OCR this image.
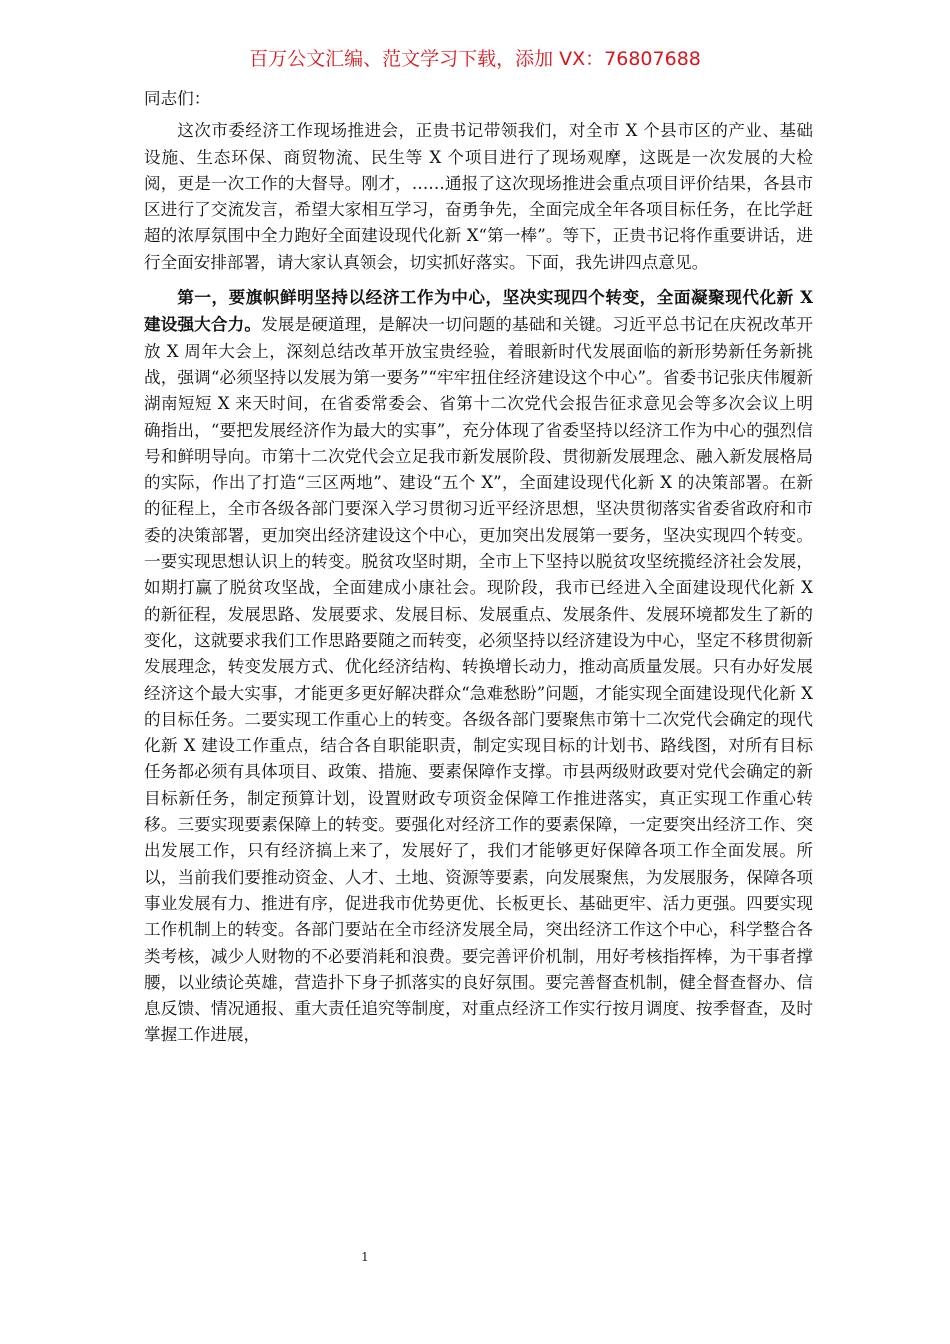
百万公文汇编、范文学习下载，添加 VX：76807688

同志们：

这次市委经济工作现场推进会，正贵书记带领我们，对全市 X 个县市区的产业、基础设施、生态环保、商贸物流、民生等 X 个项目进行了现场观摩，这既是一次发展的大检阅，更是一次工作的大督导。刚才，……通报了这次现场推进会重点项目评价结果，各县市区进行了交流发言，希望大家相互学习，奋勇争先，全面完成全年各项目标任务，在比学赶超的浓厚氛围中全力跑好全面建设现代化新 X“第一棒”。等下，正贵书记将作重要讲话，进行全面安排部署，请大家认真领会，切实抓好落实。下面，我先讲四点意见。

第一，要旗帜鲜明坚持以经济工作为中心，坚决实现四个转变，全面凝聚现代化新 X 建设强大合力。发展是硬道理，是解决一切问题的基础和关键。习近平总书记在庆祝改革开放 X 周年大会上，深刻总结改革开放宝贵经验，着眼新时代发展面临的新形势新任务新挑战，强调“必须坚持以发展为第一要务”“牢牢扭住经济建设这个中心”。省委书记张庆伟履新湖南短短 X 来天时间，在省委常委会、省第十二次党代会报告征求意见会等多次会议上明确指出，“要把发展经济作为最大的实事”，充分体现了省委坚持以经济工作为中心的强烈信号和鲜明导向。市第十二次党代会立足我市新发展阶段、贯彻新发展理念、融入新发展格局的实际，作出了打造“三区两地”、建设“五个 X”，全面建设现代化新 X 的决策部署。在新的征程上，全市各级各部门要深入学习贯彻习近平经济思想，坚决贯彻落实省委省政府和市委的决策部署，更加突出经济建设这个中心，更加突出发展第一要务，坚决实现四个转变。一要实现思想认识上的转变。脱贫攻坚时期，全市上下坚持以脱贫攻坚统揽经济社会发展，如期打赢了脱贫攻坚战，全面建成小康社会。现阶段，我市已经进入全面建设现代化新 X 的新征程，发展思路、发展要求、发展目标、发展重点、发展条件、发展环境都发生了新的变化，这就要求我们工作思路要随之而转变，必须坚持以经济建设为中心，坚定不移贯彻新发展理念，转变发展方式、优化经济结构、转换增长动力，推动高质量发展。只有办好发展经济这个最大实事，才能更多更好解决群众“急难愁盼”问题，才能实现全面建设现代化新 X 的目标任务。二要实现工作重心上的转变。各级各部门要聚焦市第十二次党代会确定的现代化新 X 建设工作重点，结合各自职能职责，制定实现目标的计划书、路线图，对所有目标任务都必须有具体项目、政策、措施、要素保障作支撑。市县两级财政要对党代会确定的新目标新任务，制定预算计划，设置财政专项资金保障工作推进落实，真正实现工作重心转移。三要实现要素保障上的转变。要强化对经济工作的要素保障，一定要突出经济工作、突出发展工作，只有经济搞上来了，发展好了，我们才能够更好保障各项工作全面发展。所以，当前我们要推动资金、人才、土地、资源等要素，向发展聚焦，为发展服务，保障各项事业发展有力、推进有序，促进我市优势更优、长板更长、基础更牢、活力更强。四要实现工作机制上的转变。各部门要站在全市经济发展全局，突出经济工作这个中心，科学整合各类考核，减少人财物的不必要消耗和浪费。要完善评价机制，用好考核指挥棒，为干事者撑腰，以业绩论英雄，营造扑下身子抓落实的良好氛围。要完善督查机制，健全督查督办、信息反馈、情况通报、重大责任追究等制度，对重点经济工作实行按月调度、按季督查，及时掌握工作进展，

1
